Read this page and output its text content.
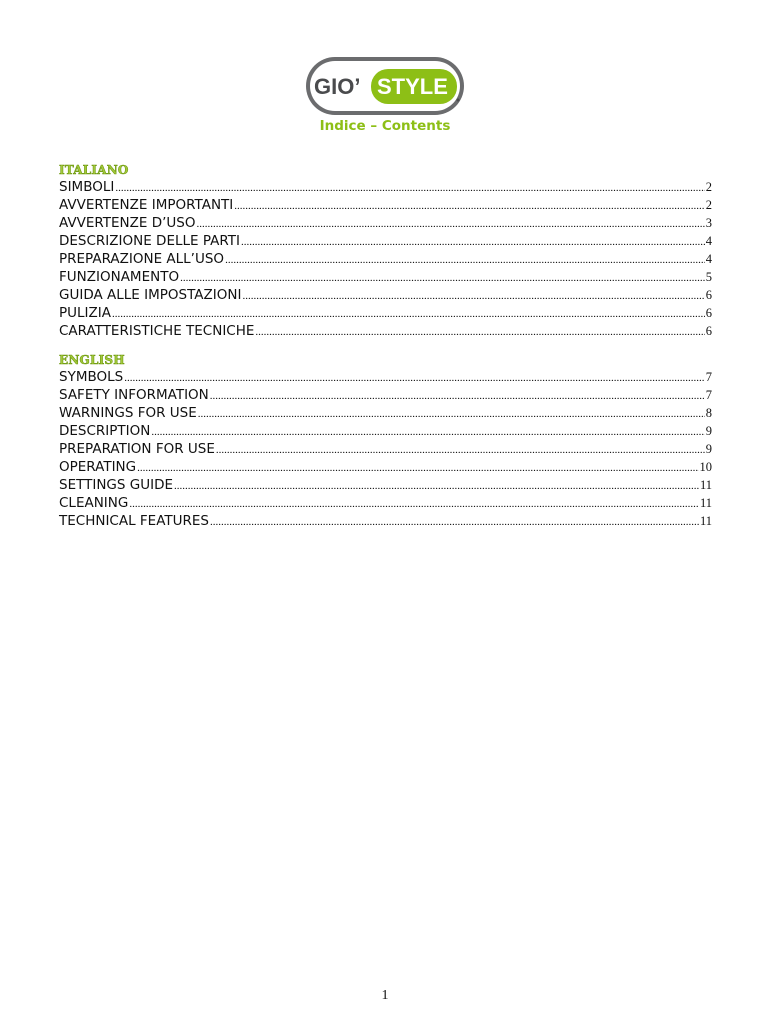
GIO’ STYLE
Indice – Contents
ITALIANO
SIMBOLI .....	2
AVVERTENZE IMPORTANTI .....	2
AVVERTENZE D’USO .....	3
DESCRIZIONE DELLE PARTI .....	4
PREPARAZIONE ALL’USO .....	4
FUNZIONAMENTO .....	5
GUIDA ALLE IMPOSTAZIONI .....	6
PULIZIA .....	6
CARATTERISTICHE TECNICHE .....	6
ENGLISH
SYMBOLS .....	7
SAFETY INFORMATION .....	7
WARNINGS FOR USE .....	8
DESCRIPTION .....	9
PREPARATION FOR USE .....	9
OPERATING .....	10
SETTINGS GUIDE .....	11
CLEANING .....	11
TECHNICAL FEATURES .....	11
1
